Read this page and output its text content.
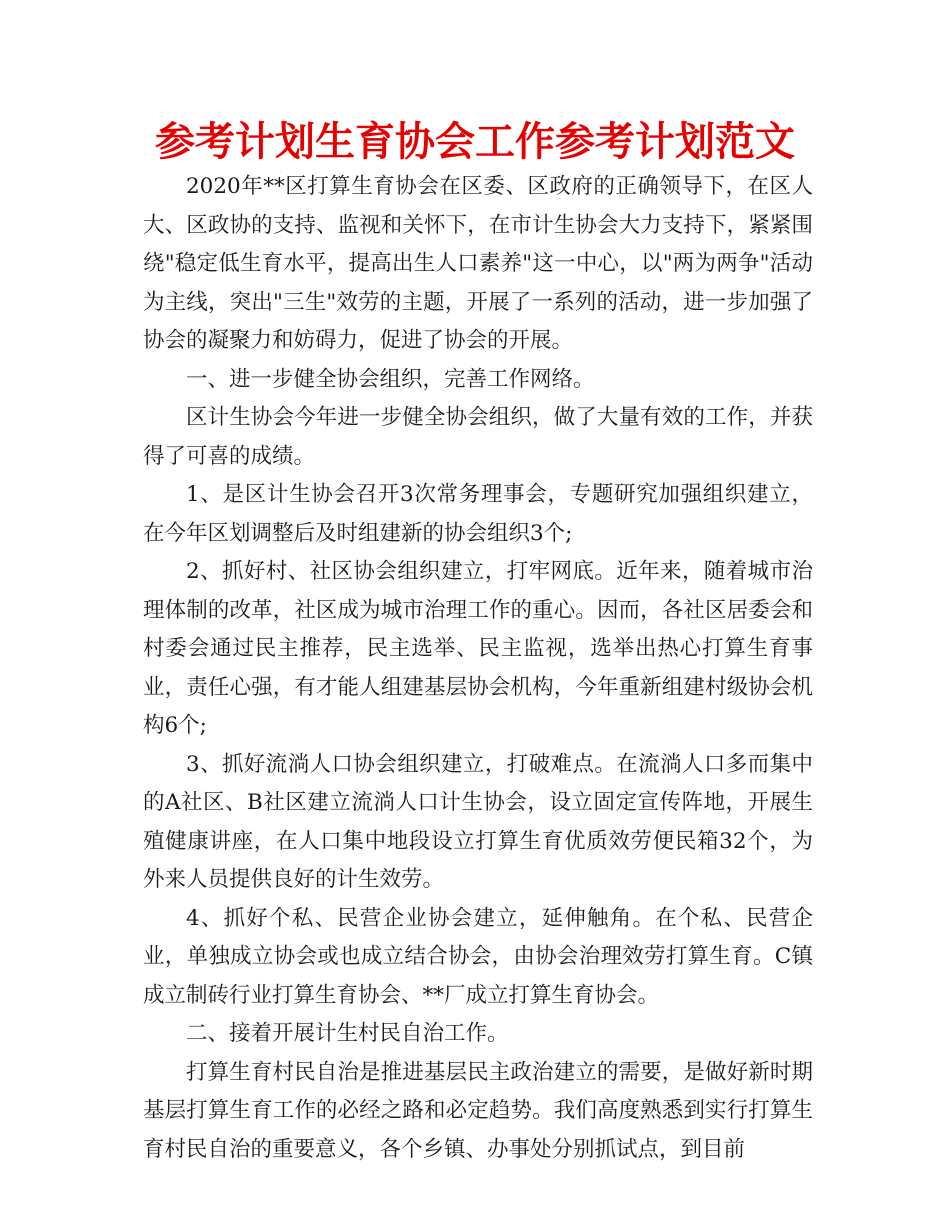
参考计划生育协会工作参考计划范文

2020年**区打算生育协会在区委、区政府的正确领导下，在区人大、区政协的支持、监视和关怀下，在市计生协会大力支持下，紧紧围绕"稳定低生育水平，提高出生人口素养"这一中心，以"两为两争"活动为主线，突出"三生"效劳的主题，开展了一系列的活动，进一步加强了协会的凝聚力和妨碍力，促进了协会的开展。

一、进一步健全协会组织，完善工作网络。

区计生协会今年进一步健全协会组织，做了大量有效的工作，并获得了可喜的成绩。

1、是区计生协会召开3次常务理事会，专题研究加强组织建立，在今年区划调整后及时组建新的协会组织3个;

2、抓好村、社区协会组织建立，打牢网底。近年来，随着城市治理体制的改革，社区成为城市治理工作的重心。因而，各社区居委会和村委会通过民主推荐，民主选举、民主监视，选举出热心打算生育事业，责任心强，有才能人组建基层协会机构，今年重新组建村级协会机构6个;

3、抓好流淌人口协会组织建立，打破难点。在流淌人口多而集中的A社区、B社区建立流淌人口计生协会，设立固定宣传阵地，开展生殖健康讲座，在人口集中地段设立打算生育优质效劳便民箱32个，为外来人员提供良好的计生效劳。

4、抓好个私、民营企业协会建立，延伸触角。在个私、民营企业，单独成立协会或也成立结合协会，由协会治理效劳打算生育。C镇成立制砖行业打算生育协会、**厂成立打算生育协会。

二、接着开展计生村民自治工作。

打算生育村民自治是推进基层民主政治建立的需要，是做好新时期基层打算生育工作的必经之路和必定趋势。我们高度熟悉到实行打算生育村民自治的重要意义，各个乡镇、办事处分别抓试点，到目前
